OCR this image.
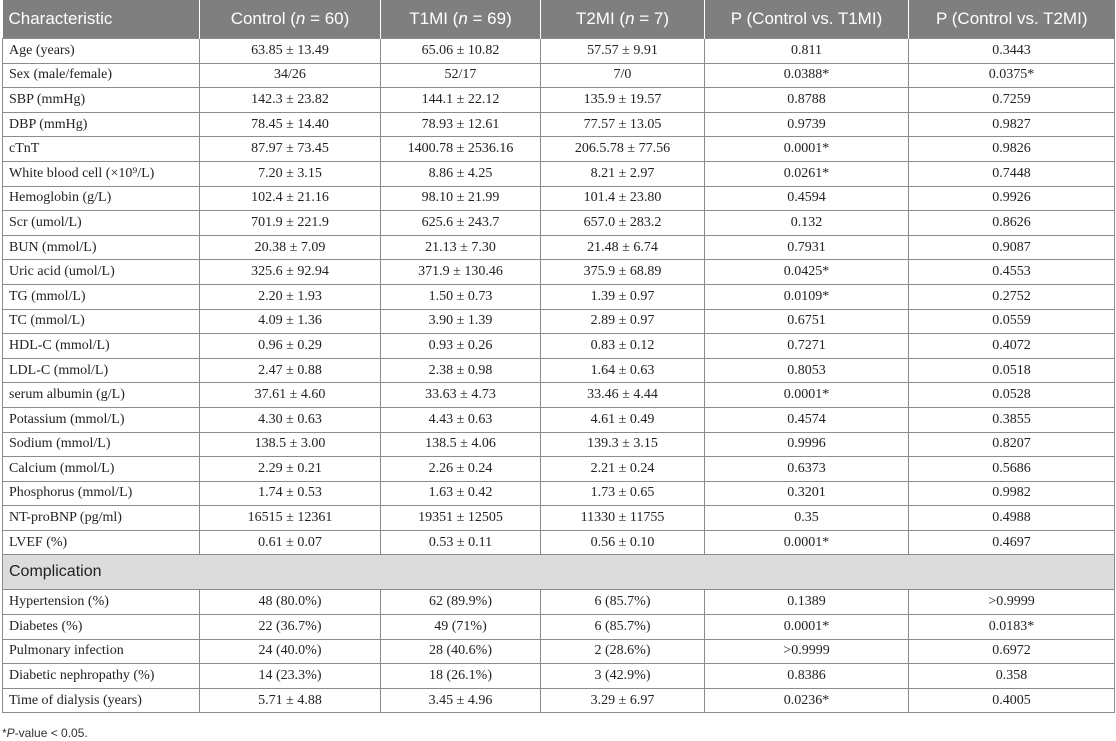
Characteristic	Control (n = 60)	T1MI (n = 69)	T2MI (n = 7)	P (Control vs. T1MI)	P (Control vs. T2MI)
Age (years)	63.85 ± 13.49	65.06 ± 10.82	57.57 ± 9.91	0.811	0.3443
Sex (male/female)	34/26	52/17	7/0	0.0388*	0.0375*
SBP (mmHg)	142.3 ± 23.82	144.1 ± 22.12	135.9 ± 19.57	0.8788	0.7259
DBP (mmHg)	78.45 ± 14.40	78.93 ± 12.61	77.57 ± 13.05	0.9739	0.9827
cTnT	87.97 ± 73.45	1400.78 ± 2536.16	206.5.78 ± 77.56	0.0001*	0.9826
White blood cell (×10⁹/L)	7.20 ± 3.15	8.86 ± 4.25	8.21 ± 2.97	0.0261*	0.7448
Hemoglobin (g/L)	102.4 ± 21.16	98.10 ± 21.99	101.4 ± 23.80	0.4594	0.9926
Scr (umol/L)	701.9 ± 221.9	625.6 ± 243.7	657.0 ± 283.2	0.132	0.8626
BUN (mmol/L)	20.38 ± 7.09	21.13 ± 7.30	21.48 ± 6.74	0.7931	0.9087
Uric acid (umol/L)	325.6 ± 92.94	371.9 ± 130.46	375.9 ± 68.89	0.0425*	0.4553
TG (mmol/L)	2.20 ± 1.93	1.50 ± 0.73	1.39 ± 0.97	0.0109*	0.2752
TC (mmol/L)	4.09 ± 1.36	3.90 ± 1.39	2.89 ± 0.97	0.6751	0.0559
HDL-C (mmol/L)	0.96 ± 0.29	0.93 ± 0.26	0.83 ± 0.12	0.7271	0.4072
LDL-C (mmol/L)	2.47 ± 0.88	2.38 ± 0.98	1.64 ± 0.63	0.8053	0.0518
serum albumin (g/L)	37.61 ± 4.60	33.63 ± 4.73	33.46 ± 4.44	0.0001*	0.0528
Potassium (mmol/L)	4.30 ± 0.63	4.43 ± 0.63	4.61 ± 0.49	0.4574	0.3855
Sodium (mmol/L)	138.5 ± 3.00	138.5 ± 4.06	139.3 ± 3.15	0.9996	0.8207
Calcium (mmol/L)	2.29 ± 0.21	2.26 ± 0.24	2.21 ± 0.24	0.6373	0.5686
Phosphorus (mmol/L)	1.74 ± 0.53	1.63 ± 0.42	1.73 ± 0.65	0.3201	0.9982
NT-proBNP (pg/ml)	16515 ± 12361	19351 ± 12505	11330 ± 11755	0.35	0.4988
LVEF (%)	0.61 ± 0.07	0.53 ± 0.11	0.56 ± 0.10	0.0001*	0.4697
Complication					
Hypertension (%)	48 (80.0%)	62 (89.9%)	6 (85.7%)	0.1389	>0.9999
Diabetes (%)	22 (36.7%)	49 (71%)	6 (85.7%)	0.0001*	0.0183*
Pulmonary infection	24 (40.0%)	28 (40.6%)	2 (28.6%)	>0.9999	0.6972
Diabetic nephropathy (%)	14 (23.3%)	18 (26.1%)	3 (42.9%)	0.8386	0.358
Time of dialysis (years)	5.71 ± 4.88	3.45 ± 4.96	3.29 ± 6.97	0.0236*	0.4005
*P-value < 0.05.
